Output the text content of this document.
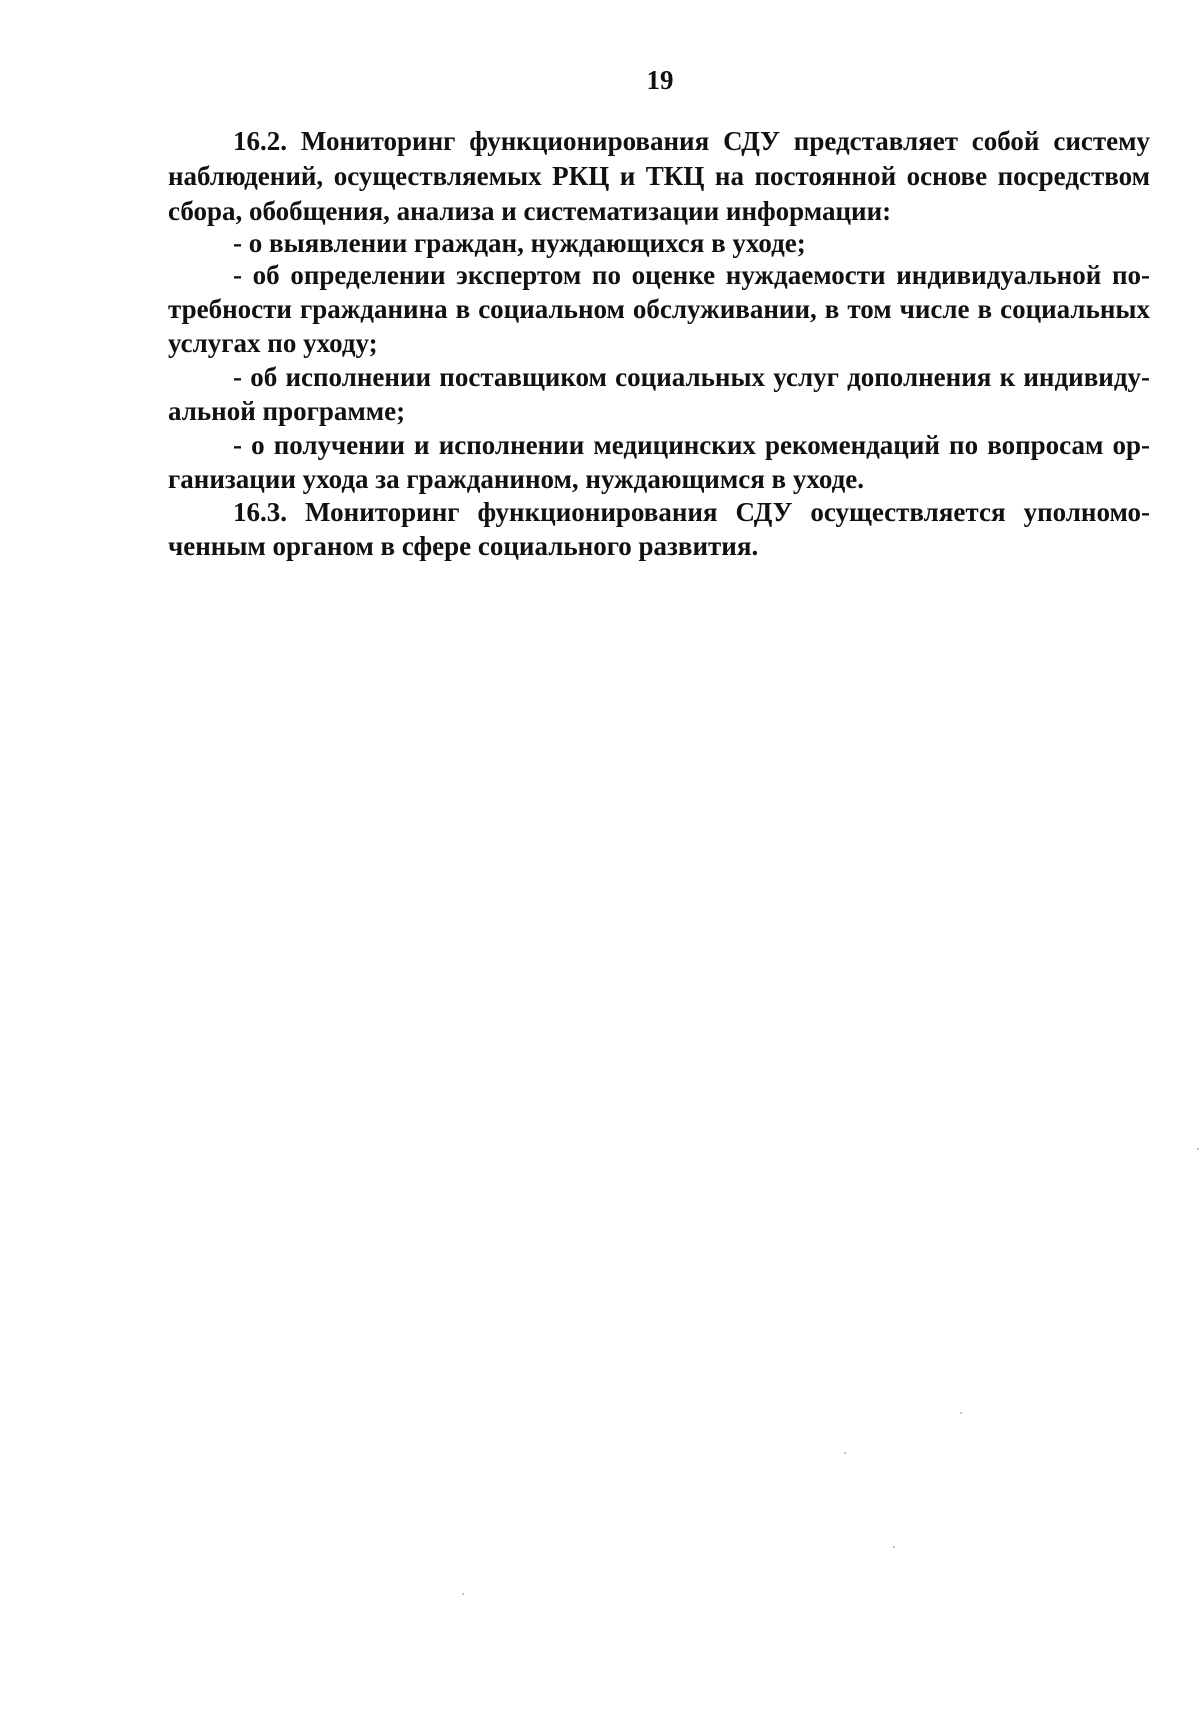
19

16.2. Мониторинг функционирования СДУ представляет собой систему

наблюдений, осуществляемых РКЦ и ТКЦ на постоянной основе посредством

сбора, обобщения, анализа и систематизации информации:

- о выявлении граждан, нуждающихся в уходе;

- об определении экспертом по оценке нуждаемости индивидуальной по-

требности гражданина в социальном обслуживании, в том числе в социальных

услугах по уходу;

- об исполнении поставщиком социальных услуг дополнения к индивиду-

альной программе;

- о получении и исполнении медицинских рекомендаций по вопросам ор-

ганизации ухода за гражданином, нуждающимся в уходе.

16.3. Мониторинг функционирования СДУ осуществляется уполномо-

ченным органом в сфере социального развития.
